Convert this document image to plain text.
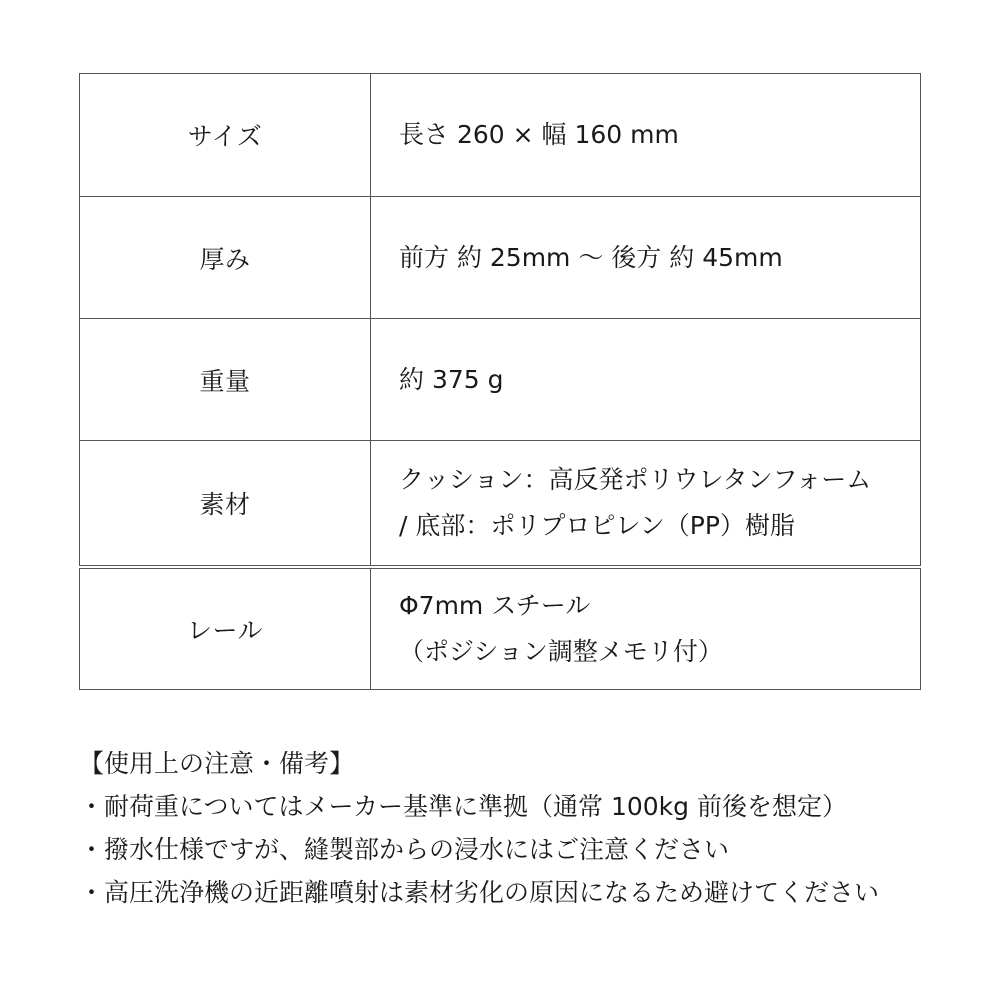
サイズ	長さ 260 × 幅 160 mm
厚み	前方 約 25mm 〜 後方 約 45mm
重量	約 375 g
素材	クッション：高反発ポリウレタンフォーム
/ 底部：ポリプロピレン（PP）樹脂

レール	Φ7mm スチール
（ポジション調整メモリ付）
【使用上の注意・備考】
・耐荷重についてはメーカー基準に準拠（通常 100kg 前後を想定）
・撥水仕様ですが、縫製部からの浸水にはご注意ください
・高圧洗浄機の近距離噴射は素材劣化の原因になるため避けてください
